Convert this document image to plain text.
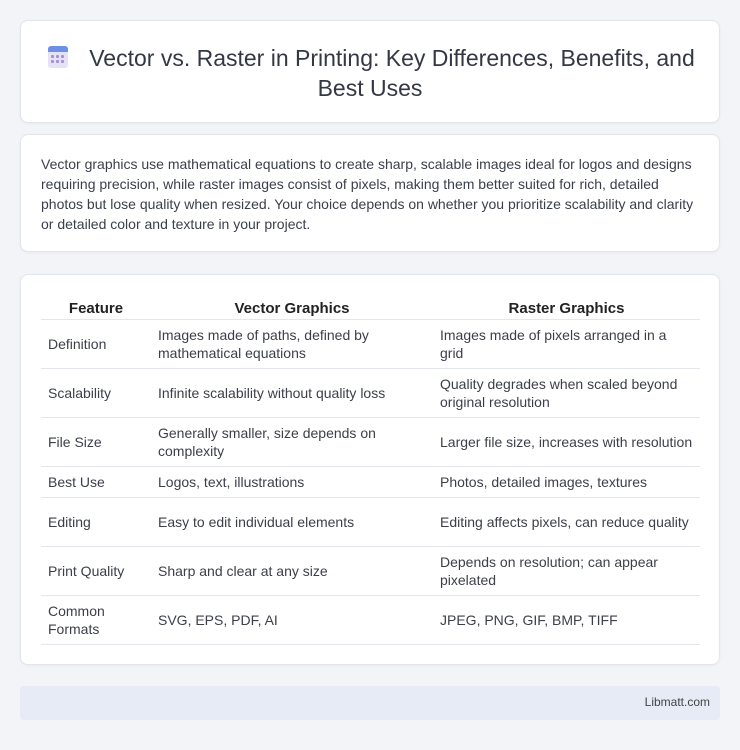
Vector vs. Raster in Printing: Key Differences, Benefits, and Best Uses

Vector graphics use mathematical equations to create sharp, scalable images ideal for logos and designs requiring precision, while raster images consist of pixels, making them better suited for rich, detailed photos but lose quality when resized. Your choice depends on whether you prioritize scalability and clarity or detailed color and texture in your project.

Feature	Vector Graphics	Raster Graphics
Definition	Images made of paths, defined by mathematical equations	Images made of pixels arranged in a grid
Scalability	Infinite scalability without quality loss	Quality degrades when scaled beyond original resolution
File Size	Generally smaller, size depends on complexity	Larger file size, increases with resolution
Best Use	Logos, text, illustrations	Photos, detailed images, textures
Editing	Easy to edit individual elements	Editing affects pixels, can reduce quality
Print Quality	Sharp and clear at any size	Depends on resolution; can appear pixelated
Common Formats	SVG, EPS, PDF, AI	JPEG, PNG, GIF, BMP, TIFF
Libmatt.com
